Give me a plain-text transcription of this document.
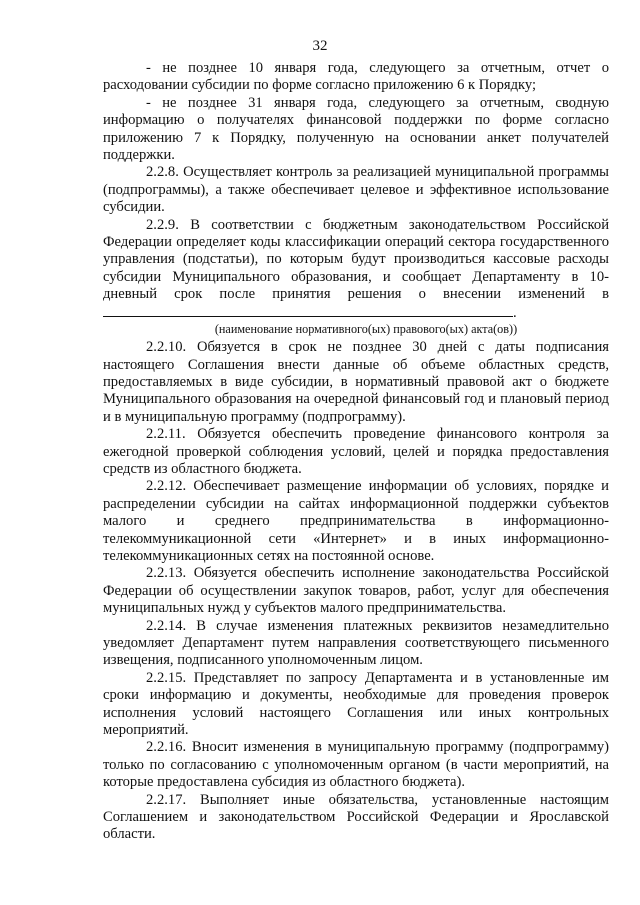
32

- не позднее 10 января года, следующего за отчетным, отчет о расходовании субсидии по форме согласно приложению 6 к Порядку;

- не позднее 31 января года, следующего за отчетным, сводную информацию о получателях финансовой поддержки по форме согласно приложению 7 к Порядку, полученную на основании анкет получателей поддержки.

2.2.8. Осуществляет контроль за реализацией муниципальной программы (подпрограммы), а также обеспечивает целевое и эффективное использование субсидии.

2.2.9. В соответствии с бюджетным законодательством Российской Федерации определяет коды классификации операций сектора государственного управления (подстатьи), по которым будут производиться кассовые расходы субсидии Муниципального образования, и сообщает Департаменту в 10-дневный срок после принятия решения о внесении изменений в .

(наименование нормативного(ых) правового(ых) акта(ов))

2.2.10. Обязуется в срок не позднее 30 дней с даты подписания настоящего Соглашения внести данные об объеме областных средств, предоставляемых в виде субсидии, в нормативный правовой акт о бюджете Муниципального образования на очередной финансовый год и плановый период и в муниципальную программу (подпрограмму).

2.2.11. Обязуется обеспечить проведение финансового контроля за ежегодной проверкой соблюдения условий, целей и порядка предоставления средств из областного бюджета.

2.2.12. Обеспечивает размещение информации об условиях, порядке и распределении субсидии на сайтах информационной поддержки субъектов малого и среднего предпринимательства в информационно-телекоммуникационной сети «Интернет» и в иных информационно-телекоммуникационных сетях на постоянной основе.

2.2.13. Обязуется обеспечить исполнение законодательства Российской Федерации об осуществлении закупок товаров, работ, услуг для обеспечения муниципальных нужд у субъектов малого предпринимательства.

2.2.14. В случае изменения платежных реквизитов незамедлительно уведомляет Департамент путем направления соответствующего письменного извещения, подписанного уполномоченным лицом.

2.2.15. Представляет по запросу Департамента и в установленные им сроки информацию и документы, необходимые для проведения проверок исполнения условий настоящего Соглашения или иных контрольных мероприятий.

2.2.16. Вносит изменения в муниципальную программу (подпрограмму) только по согласованию с уполномоченным органом (в части мероприятий, на которые предоставлена субсидия из областного бюджета).

2.2.17. Выполняет иные обязательства, установленные настоящим Соглашением и законодательством Российской Федерации и Ярославской области.
